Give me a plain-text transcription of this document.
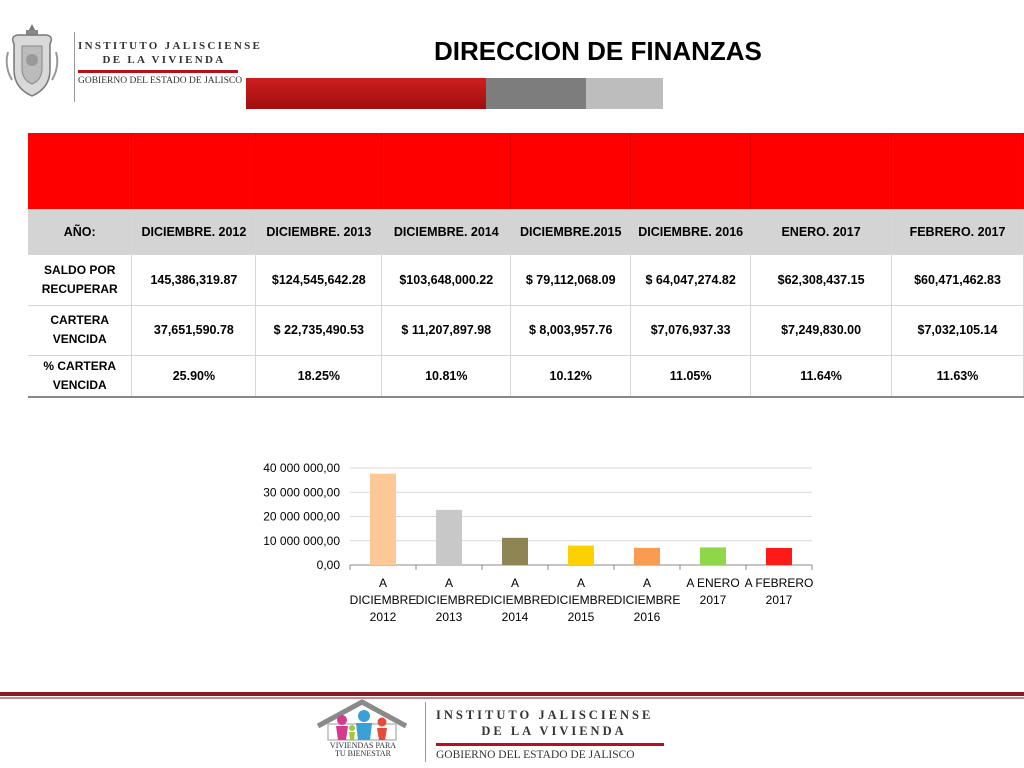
INSTITUTO JALISCIENSE
DE LA VIVIENDA
GOBIERNO DEL ESTADO DE JALISCO
DIRECCION DE FINANZAS

AÑO:	DICIEMBRE. 2012	DICIEMBRE. 2013	DICIEMBRE. 2014	DICIEMBRE.2015	DICIEMBRE. 2016	ENERO. 2017	FEBRERO. 2017
SALDO POR RECUPERAR	145,386,319.87	$124,545,642.28	$103,648,000.22	$ 79,112,068.09	$ 64,047,274.82	$62,308,437.15	$60,471,462.83
CARTERA VENCIDA	37,651,590.78	$ 22,735,490.53	$ 11,207,897.98	$ 8,003,957.76	$7,076,937.33	$7,249,830.00	$7,032,105.14
% CARTERA VENCIDA	25.90%	18.25%	10.81%	10.12%	11.05%	11.64%	11.63%
0,00
10 000 000,00
20 000 000,00
30 000 000,00
40 000 000,00
A
DICIEMBRE
2012
A
DICIEMBRE
2013
A
DICIEMBRE
2014
A
DICIEMBRE
2015
A
DICIEMBRE
2016
A ENERO
2017
A FEBRERO
2017
VIVIENDAS PARA
TU BIENESTAR
INSTITUTO JALISCIENSE
DE LA VIVIENDA
GOBIERNO DEL ESTADO DE JALISCO
